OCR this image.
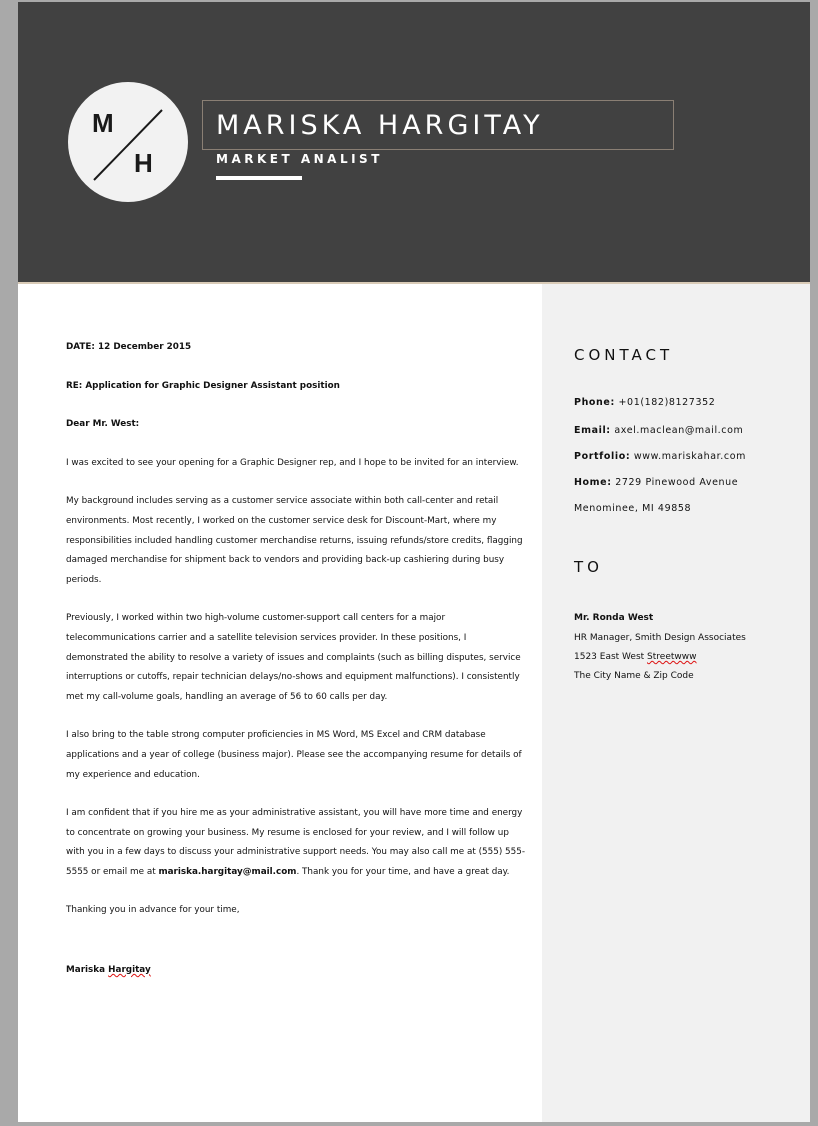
M
H
MARISKA HARGITAY
MARKET ANALIST
CONTACT
Phone: +01(182)8127352
Email: axel.maclean@mail.com
Portfolio: www.mariskahar.com
Home: 2729 Pinewood Avenue
Menominee, MI 49858
TO
Mr. Ronda West
HR Manager, Smith Design Associates
1523 East West Streetwww
The City Name & Zip Code

DATE: 12 December 2015

RE: Application for Graphic Designer Assistant position

Dear Mr. West:

I was excited to see your opening for a Graphic Designer rep, and I hope to be invited for an interview.

My background includes serving as a customer service associate within both call-center and retail environments. Most recently, I worked on the customer service desk for Discount-Mart, where my responsibilities included handling customer merchandise returns, issuing refunds/store credits, flagging damaged merchandise for shipment back to vendors and providing back-up cashiering during busy periods.

Previously, I worked within two high-volume customer-support call centers for a major telecommunications carrier and a satellite television services provider. In these positions, I demonstrated the ability to resolve a variety of issues and complaints (such as billing disputes, service interruptions or cutoffs, repair technician delays/no-shows and equipment malfunctions). I consistently met my call-volume goals, handling an average of 56 to 60 calls per day.

I also bring to the table strong computer proficiencies in MS Word, MS Excel and CRM database applications and a year of college (business major). Please see the accompanying resume for details of my experience and education.

I am confident that if you hire me as your administrative assistant, you will have more time and energy to concentrate on growing your business. My resume is enclosed for your review, and I will follow up with you in a few days to discuss your administrative support needs. You may also call me at (555) 555-5555 or email me at mariska.hargitay@mail.com. Thank you for your time, and have a great day.

Thanking you in advance for your time,

Mariska Hargitay
